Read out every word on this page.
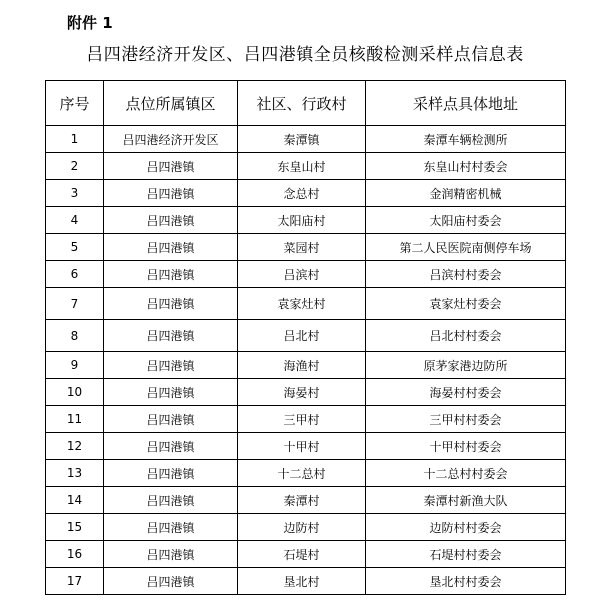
附件 1
吕四港经济开发区、吕四港镇全员核酸检测采样点信息表
序号	点位所属镇区	社区、行政村	采样点具体地址
1	吕四港经济开发区	秦潭镇	秦潭车辆检测所
2	吕四港镇	东皇山村	东皇山村村委会
3	吕四港镇	念总村	金润精密机械
4	吕四港镇	太阳庙村	太阳庙村委会
5	吕四港镇	菜园村	第二人民医院南侧停车场
6	吕四港镇	吕滨村	吕滨村村委会
7	吕四港镇	袁家灶村	袁家灶村委会
8	吕四港镇	吕北村	吕北村村委会
9	吕四港镇	海渔村	原茅家港边防所
10	吕四港镇	海晏村	海晏村村委会
11	吕四港镇	三甲村	三甲村村委会
12	吕四港镇	十甲村	十甲村村委会
13	吕四港镇	十二总村	十二总村村委会
14	吕四港镇	秦潭村	秦潭村新渔大队
15	吕四港镇	边防村	边防村村委会
16	吕四港镇	石堤村	石堤村村委会
17	吕四港镇	垦北村	垦北村村委会
